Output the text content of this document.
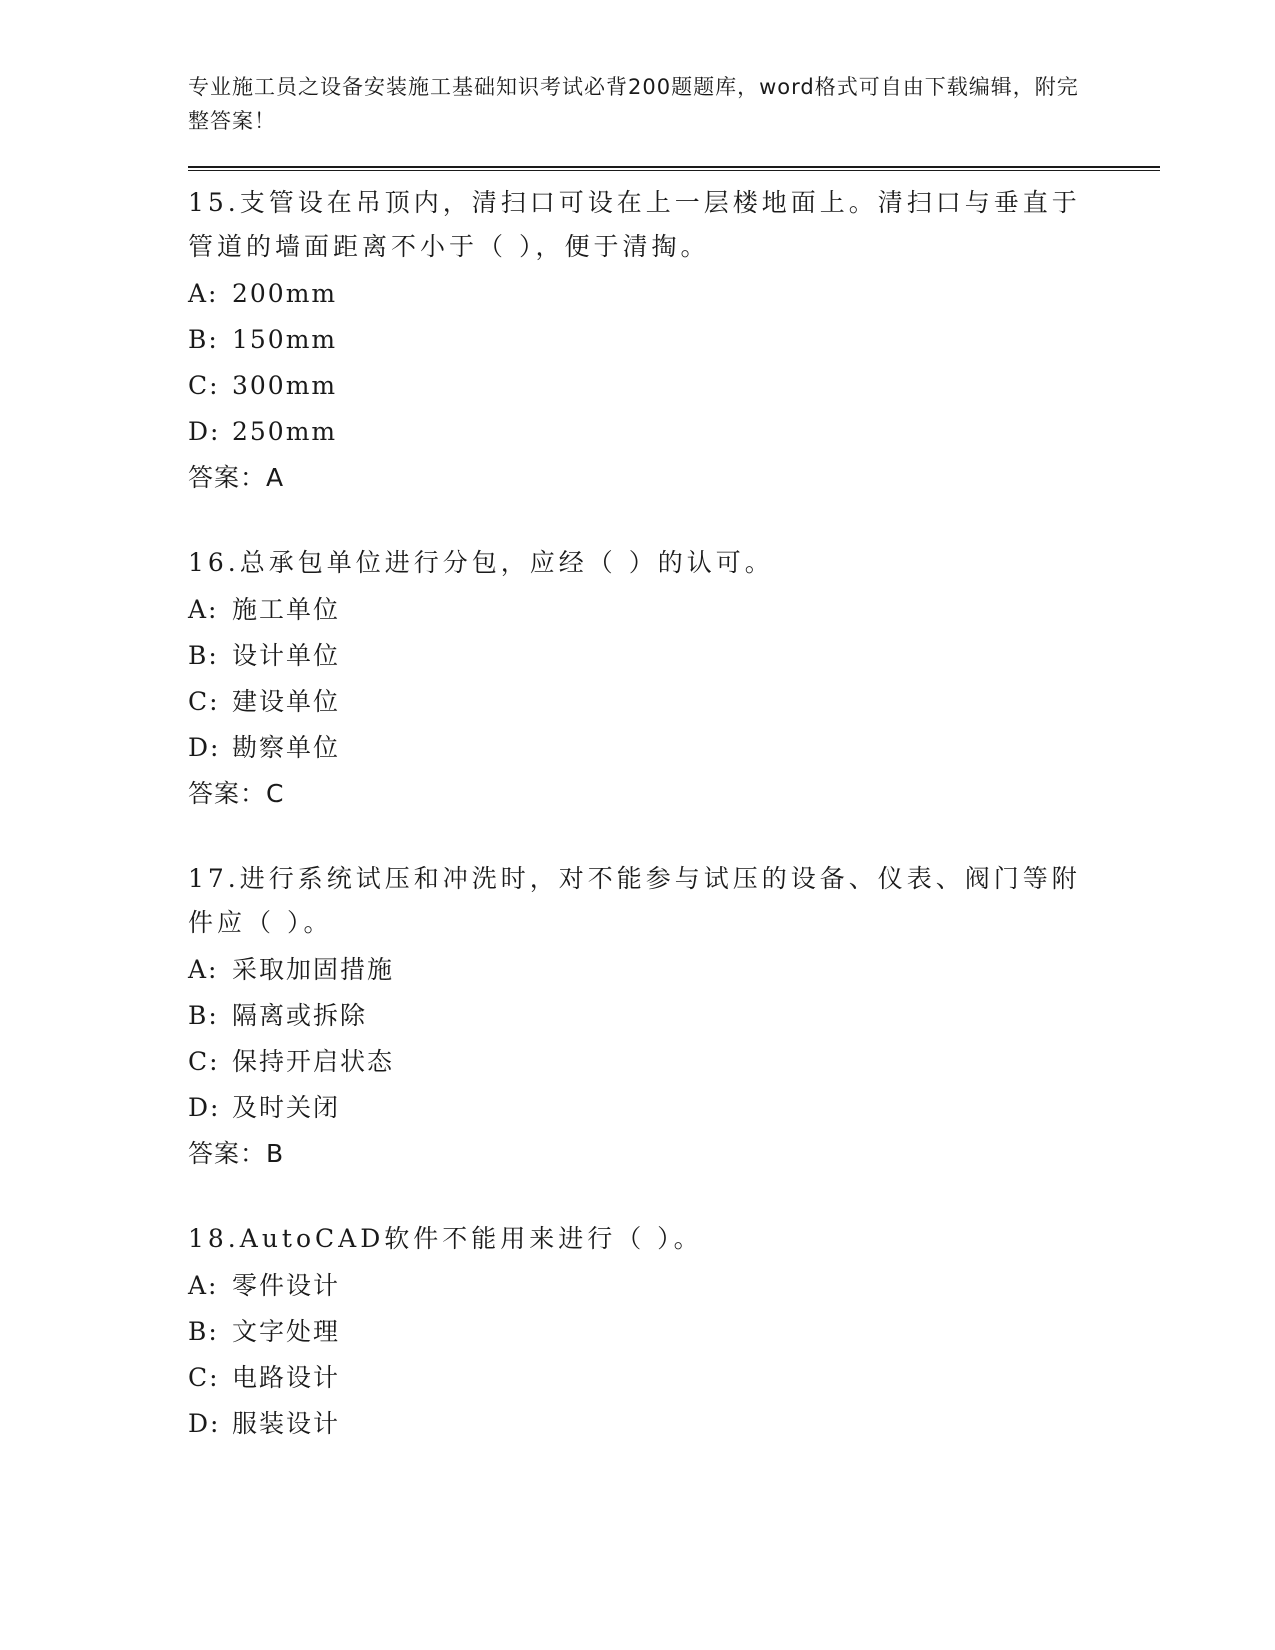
专业施工员之设备安装施工基础知识考试必背200题题库，word格式可自由下载编辑，附完整答案！
15.支管设在吊顶内，清扫口可设在上一层楼地面上。清扫口与垂直于管道的墙面距离不小于（ ），便于清掏。
A: 200mm
B: 150mm
C: 300mm
D: 250mm
答案：A
16.总承包单位进行分包，应经（ ）的认可。
A: 施工单位
B: 设计单位
C: 建设单位
D: 勘察单位
答案：C
17.进行系统试压和冲洗时，对不能参与试压的设备、仪表、阀门等附件应（ ）。
A: 采取加固措施
B: 隔离或拆除
C: 保持开启状态
D: 及时关闭
答案：B
18.AutoCAD软件不能用来进行（ ）。
A: 零件设计
B: 文字处理
C: 电路设计
D: 服装设计
